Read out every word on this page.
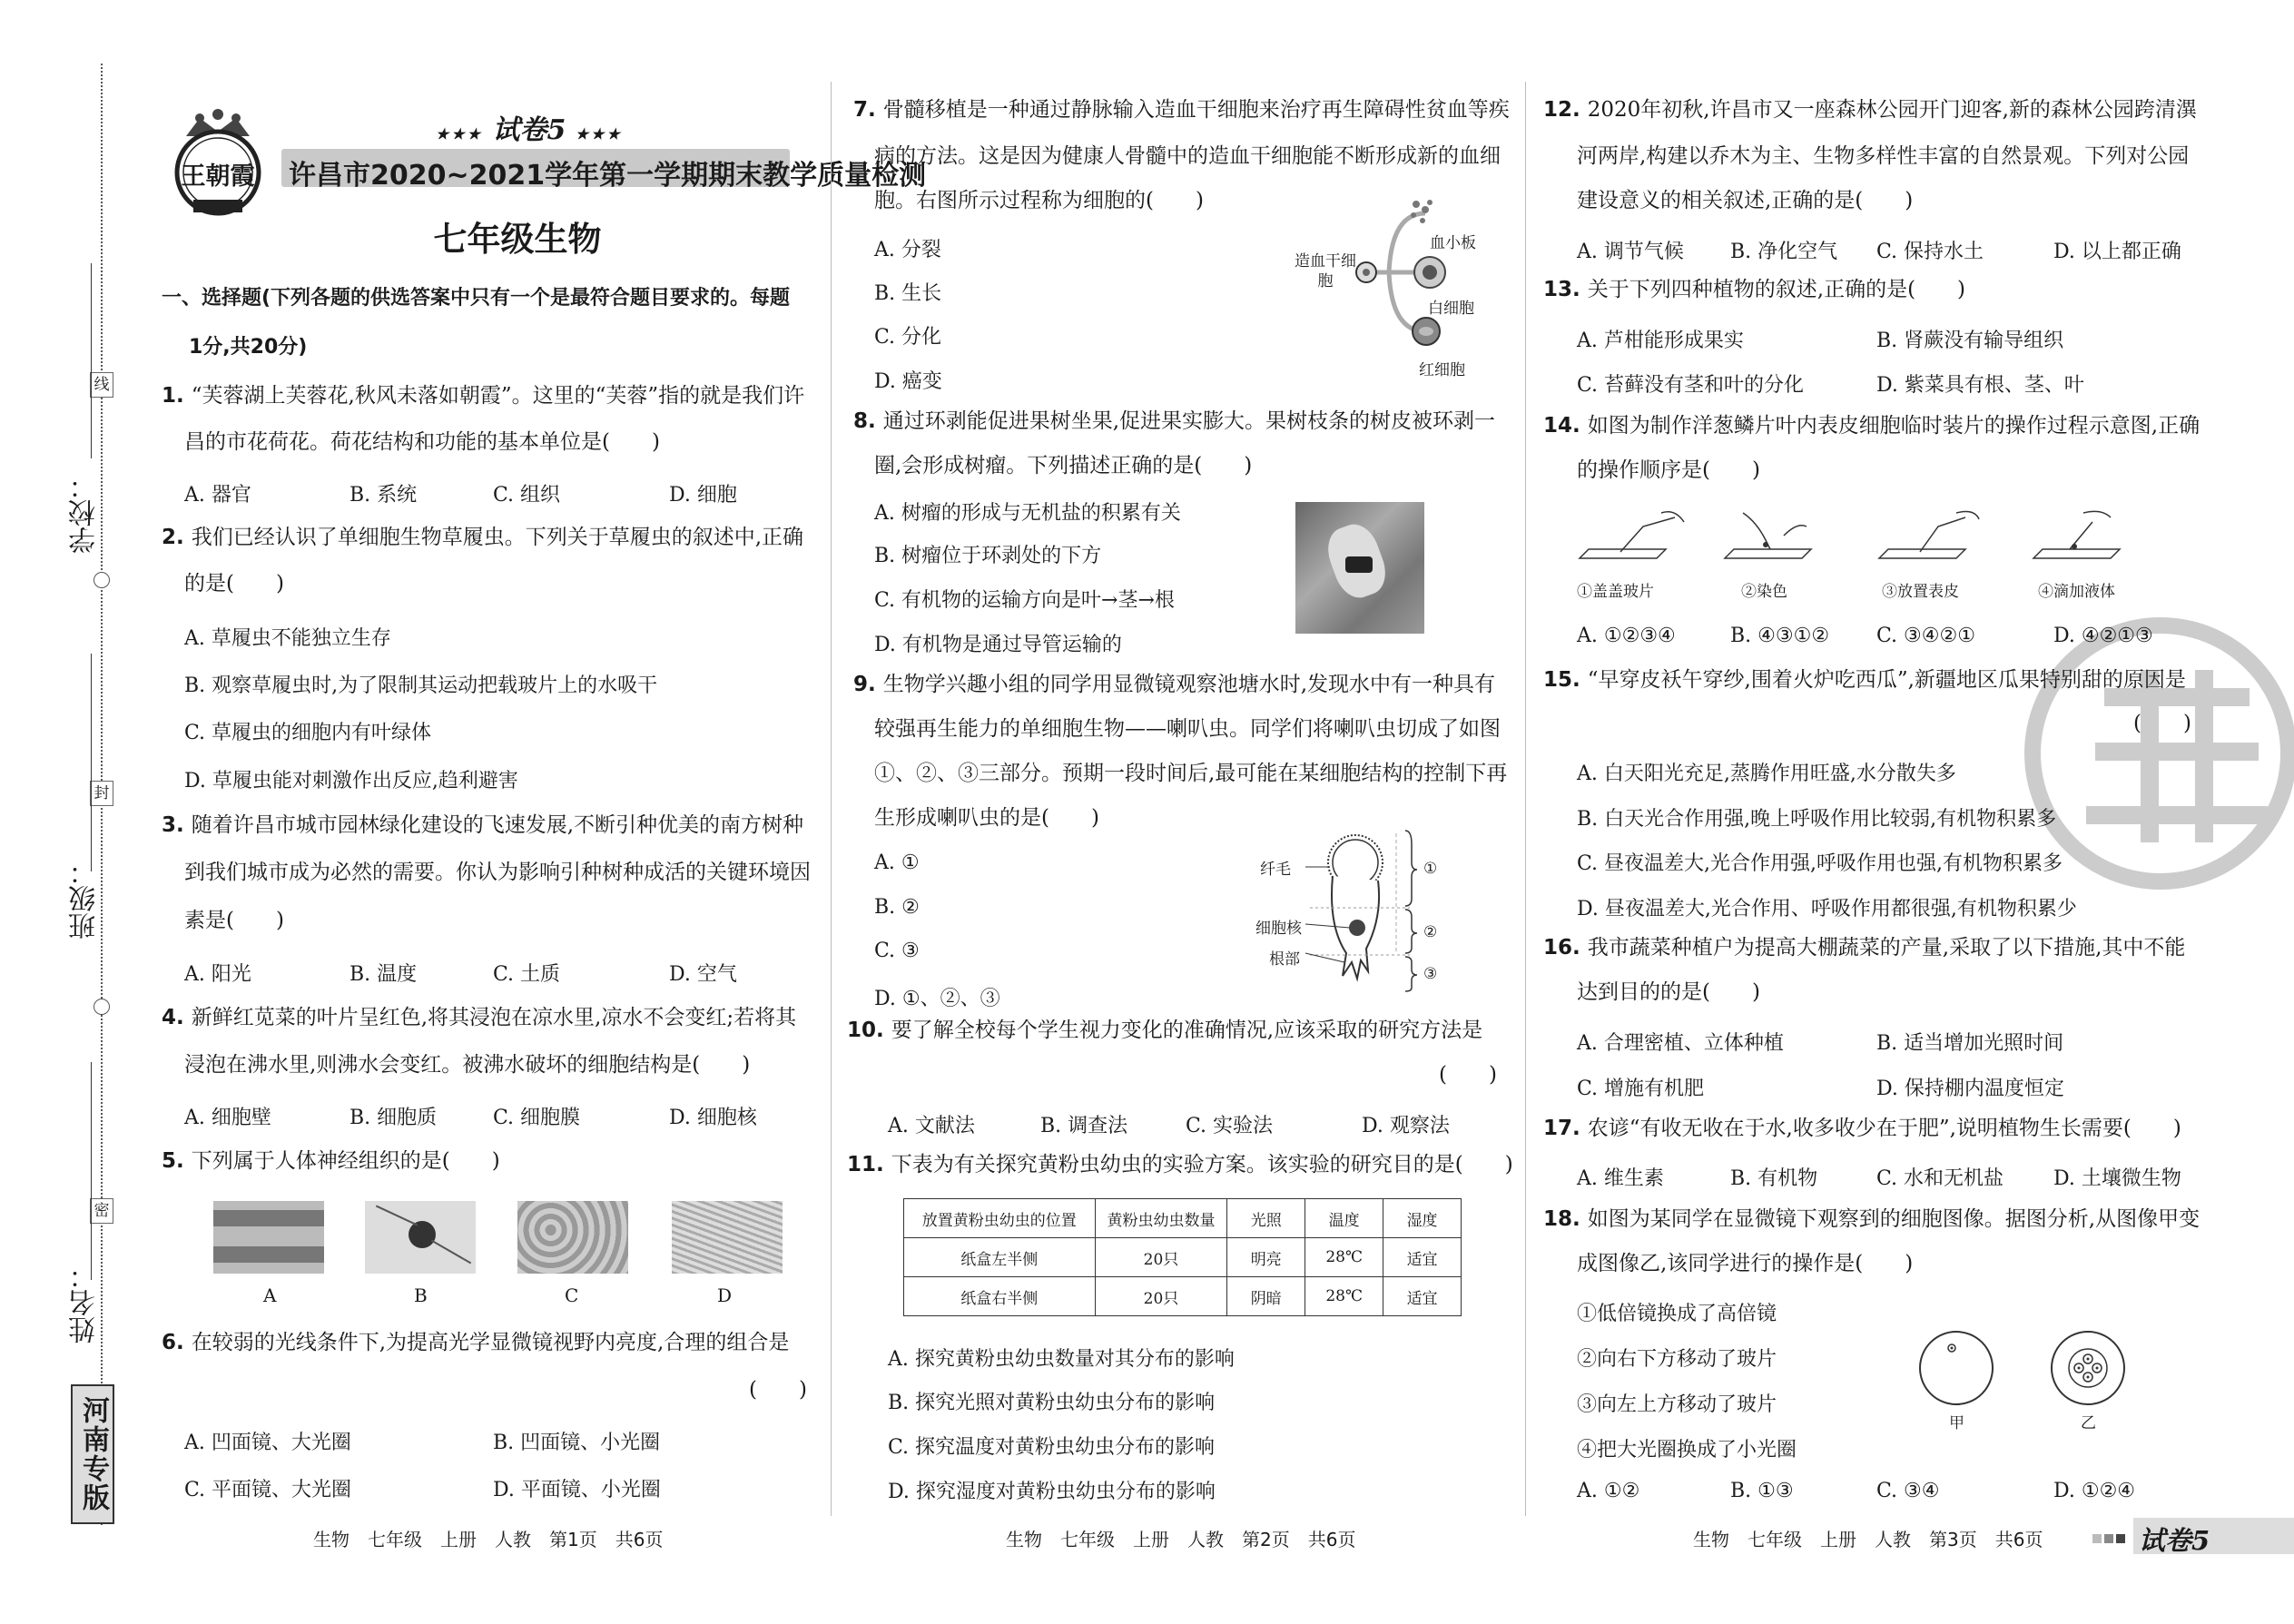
线
封
密
学校：
班级：
姓名：
河南专版
王朝霞
★★★ 试卷5 ★★★
许昌市2020~2021学年第一学期期末教学质量检测
七年级生物
一、选择题(下列各题的供选答案中只有一个是最符合题目要求的。每题
1分,共20分)
1. “芙蓉湖上芙蓉花,秋风未落如朝霞”。这里的“芙蓉”指的就是我们许
昌的市花荷花。荷花结构和功能的基本单位是(　　)
A. 器官	B. 系统	C. 组织	D. 细胞
2. 我们已经认识了单细胞生物草履虫。下列关于草履虫的叙述中,正确
的是(　　)
A. 草履虫不能独立生存
B. 观察草履虫时,为了限制其运动把载玻片上的水吸干
C. 草履虫的细胞内有叶绿体
D. 草履虫能对刺激作出反应,趋利避害
3. 随着许昌市城市园林绿化建设的飞速发展,不断引种优美的南方树种
到我们城市成为必然的需要。你认为影响引种树种成活的关键环境因
素是(　　)
A. 阳光	B. 温度	C. 土质	D. 空气
4. 新鲜红苋菜的叶片呈红色,将其浸泡在凉水里,凉水不会变红;若将其
浸泡在沸水里,则沸水会变红。被沸水破坏的细胞结构是(　　)
A. 细胞壁	B. 细胞质	C. 细胞膜	D. 细胞核
5. 下列属于人体神经组织的是(　　)
A	B	C	D
6. 在较弱的光线条件下,为提高光学显微镜视野内亮度,合理的组合是
(　　)
A. 凹面镜、大光圈	B. 凹面镜、小光圈
C. 平面镜、大光圈	D. 平面镜、小光圈
生物　七年级　上册　人教　第1页　共6页
7. 骨髓移植是一种通过静脉输入造血干细胞来治疗再生障碍性贫血等疾
病的方法。这是因为健康人骨髓中的造血干细胞能不断形成新的血细
胞。右图所示过程称为细胞的(　　)
A. 分裂
B. 生长
C. 分化
D. 癌变
造血干细胞
血小板
白细胞
红细胞
8. 通过环剥能促进果树坐果,促进果实膨大。果树枝条的树皮被环剥一
圈,会形成树瘤。下列描述正确的是(　　)
A. 树瘤的形成与无机盐的积累有关
B. 树瘤位于环剥处的下方
C. 有机物的运输方向是叶→茎→根
D. 有机物是通过导管运输的
9. 生物学兴趣小组的同学用显微镜观察池塘水时,发现水中有一种具有
较强再生能力的单细胞生物——喇叭虫。同学们将喇叭虫切成了如图
①、②、③三部分。预期一段时间后,最可能在某细胞结构的控制下再
生形成喇叭虫的是(　　)
A. ①
B. ②
C. ③
D. ①、②、③
纤毛
细胞核
根部
①
②
③
10. 要了解全校每个学生视力变化的准确情况,应该采取的研究方法是
(　　)
A. 文献法	B. 调查法	C. 实验法	D. 观察法
11. 下表为有关探究黄粉虫幼虫的实验方案。该实验的研究目的是(　　)
放置黄粉虫幼虫的位置	黄粉虫幼虫数量	光照	温度	湿度
纸盒左半侧	20只	明亮	28℃	适宜
纸盒右半侧	20只	阴暗	28℃	适宜
A. 探究黄粉虫幼虫数量对其分布的影响
B. 探究光照对黄粉虫幼虫分布的影响
C. 探究温度对黄粉虫幼虫分布的影响
D. 探究湿度对黄粉虫幼虫分布的影响
生物　七年级　上册　人教　第2页　共6页
12. 2020年初秋,许昌市又一座森林公园开门迎客,新的森林公园跨清潩
河两岸,构建以乔木为主、生物多样性丰富的自然景观。下列对公园
建设意义的相关叙述,正确的是(　　)
A. 调节气候 B. 净化空气 C. 保持水土	D. 以上都正确
13. 关于下列四种植物的叙述,正确的是(　　)
A. 芦柑能形成果实	B. 肾蕨没有输导组织
C. 苔藓没有茎和叶的分化	D. 紫菜具有根、茎、叶
14. 如图为制作洋葱鳞片叶内表皮细胞临时装片的操作过程示意图,正确
的操作顺序是(　　)
①盖盖玻片	②染色	③放置表皮	④滴加液体
A. ①②③④	B. ④③①② C. ③④②①	D. ④②①③
15. “早穿皮袄午穿纱,围着火炉吃西瓜”,新疆地区瓜果特别甜的原因是
(　　)
A. 白天阳光充足,蒸腾作用旺盛,水分散失多
B. 白天光合作用强,晚上呼吸作用比较弱,有机物积累多
C. 昼夜温差大,光合作用强,呼吸作用也强,有机物积累多
D. 昼夜温差大,光合作用、呼吸作用都很强,有机物积累少
16. 我市蔬菜种植户为提高大棚蔬菜的产量,采取了以下措施,其中不能
达到目的的是(　　)
A. 合理密植、立体种植	B. 适当增加光照时间
C. 增施有机肥	D. 保持棚内温度恒定
17. 农谚“有收无收在于水,收多收少在于肥”,说明植物生长需要(　　)
A. 维生素	B. 有机物	C. 水和无机盐 D. 土壤微生物
18. 如图为某同学在显微镜下观察到的细胞图像。据图分析,从图像甲变
成图像乙,该同学进行的操作是(　　)
①低倍镜换成了高倍镜
②向右下方移动了玻片
③向左上方移动了玻片
④把大光圈换成了小光圈
甲	乙
A. ①②	B. ①③	C. ③④	D. ①②④
生物　七年级　上册　人教　第3页　共6页	试卷5
